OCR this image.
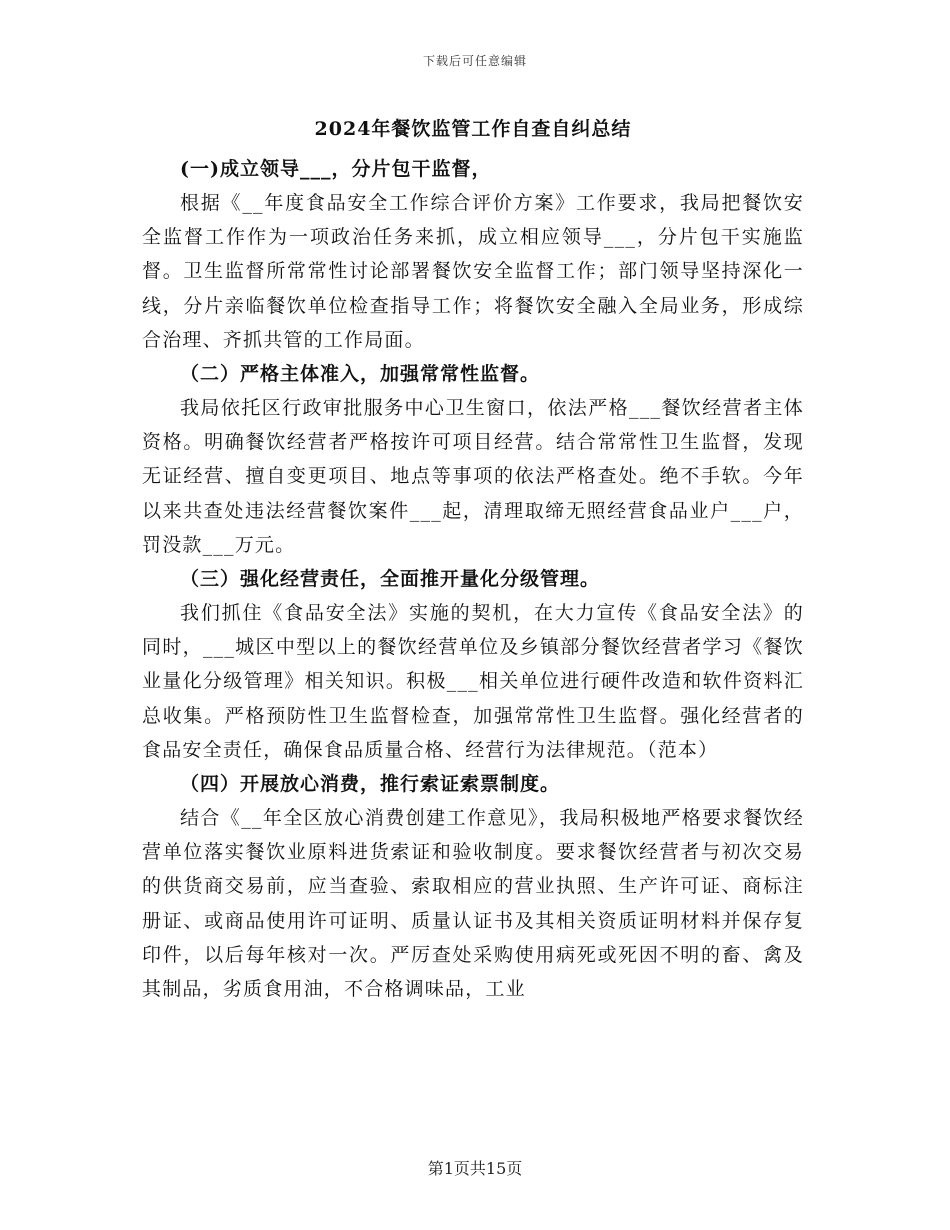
下载后可任意编辑
2024年餐饮监管工作自查自纠总结

(一)成立领导___，分片包干监督，

根据《__年度食品安全工作综合评价方案》工作要求，我局把餐饮安全监督工作作为一项政治任务来抓，成立相应领导___，分片包干实施监督。卫生监督所常常性讨论部署餐饮安全监督工作；部门领导坚持深化一线，分片亲临餐饮单位检查指导工作；将餐饮安全融入全局业务，形成综合治理、齐抓共管的工作局面。

（二）严格主体准入，加强常常性监督。

我局依托区行政审批服务中心卫生窗口，依法严格___餐饮经营者主体资格。明确餐饮经营者严格按许可项目经营。结合常常性卫生监督，发现无证经营、擅自变更项目、地点等事项的依法严格查处。绝不手软。今年以来共查处违法经营餐饮案件___起，清理取缔无照经营食品业户___户，罚没款___万元。

（三）强化经营责任，全面推开量化分级管理。

我们抓住《食品安全法》实施的契机，在大力宣传《食品安全法》的同时，___城区中型以上的餐饮经营单位及乡镇部分餐饮经营者学习《餐饮业量化分级管理》相关知识。积极___相关单位进行硬件改造和软件资料汇总收集。严格预防性卫生监督检查，加强常常性卫生监督。强化经营者的食品安全责任，确保食品质量合格、经营行为法律规范。（范本）

（四）开展放心消费，推行索证索票制度。

结合《__年全区放心消费创建工作意见》，我局积极地严格要求餐饮经营单位落实餐饮业原料进货索证和验收制度。要求餐饮经营者与初次交易的供货商交易前，应当查验、索取相应的营业执照、生产许可证、商标注册证、或商品使用许可证明、质量认证书及其相关资质证明材料并保存复印件，以后每年核对一次。严厉查处采购使用病死或死因不明的畜、禽及其制品，劣质食用油，不合格调味品，工业

第1页共15页
